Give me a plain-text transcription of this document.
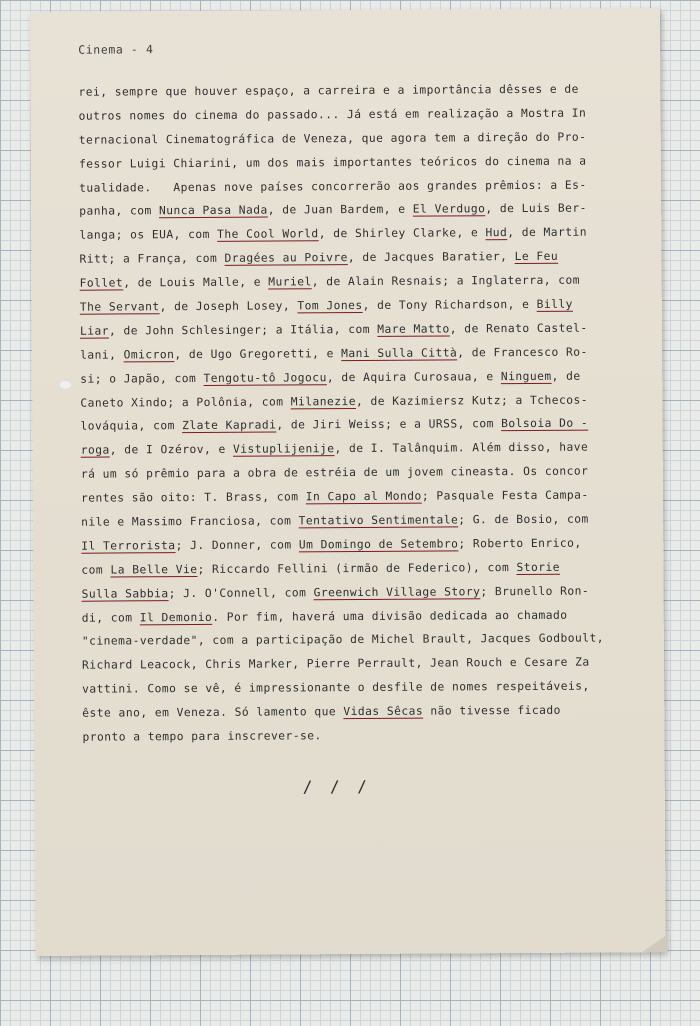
Cinema - 4
rei, sempre que houver espaço, a carreira e a importância dêsses e de
outros nomes do cinema do passado... Já está em realização a Mostra In
ternacional Cinematográfica de Veneza, que agora tem a direção do Pro-
fessor Luigi Chiarini, um dos mais importantes teóricos do cinema na a
tualidade.   Apenas nove países concorrerão aos grandes prêmios: a Es-
panha, com Nunca Pasa Nada, de Juan Bardem, e El Verdugo, de Luis Ber-
langa; os EUA, com The Cool World, de Shirley Clarke, e Hud, de Martin
Ritt; a França, com Dragées au Poivre, de Jacques Baratier, Le Feu
Follet, de Louis Malle, e Muriel, de Alain Resnais; a Inglaterra, com
The Servant, de Joseph Losey, Tom Jones, de Tony Richardson, e Billy
Liar, de John Schlesinger; a Itália, com Mare Matto, de Renato Castel-
lani, Omicron, de Ugo Gregoretti, e Mani Sulla Città, de Francesco Ro-
si; o Japão, com Tengotu-tô Jogocu, de Aquira Curosaua, e Ninguem, de
Caneto Xindo; a Polônia, com Milanezie, de Kazimiersz Kutz; a Tchecos-
lováquia, com Zlate Kapradi, de Jiri Weiss; e a URSS, com Bolsoia Do -
roga, de I Ozérov, e Vistuplijenije, de I. Talânquim. Além disso, have
rá um só prêmio para a obra de estréia de um jovem cineasta. Os concor
rentes são oito: T. Brass, com In Capo al Mondo; Pasquale Festa Campa-
nile e Massimo Franciosa, com Tentativo Sentimentale; G. de Bosio, com
Il Terrorista; J. Donner, com Um Domingo de Setembro; Roberto Enrico,
com La Belle Vie; Riccardo Fellini (irmão de Federico), com Storie
Sulla Sabbia; J. O'Connell, com Greenwich Village Story; Brunello Ron-
di, com Il Demonio. Por fim, haverá uma divisão dedicada ao chamado
"cinema-verdade", com a participação de Michel Brault, Jacques Godboult,
Richard Leacock, Chris Marker, Pierre Perrault, Jean Rouch e Cesare Za
vattini. Como se vê, é impressionante o desfile de nomes respeitáveis,
êste ano, em Veneza. Só lamento que Vidas Sêcas não tivesse ficado
pronto a tempo para inscrever-se.
/ / /
